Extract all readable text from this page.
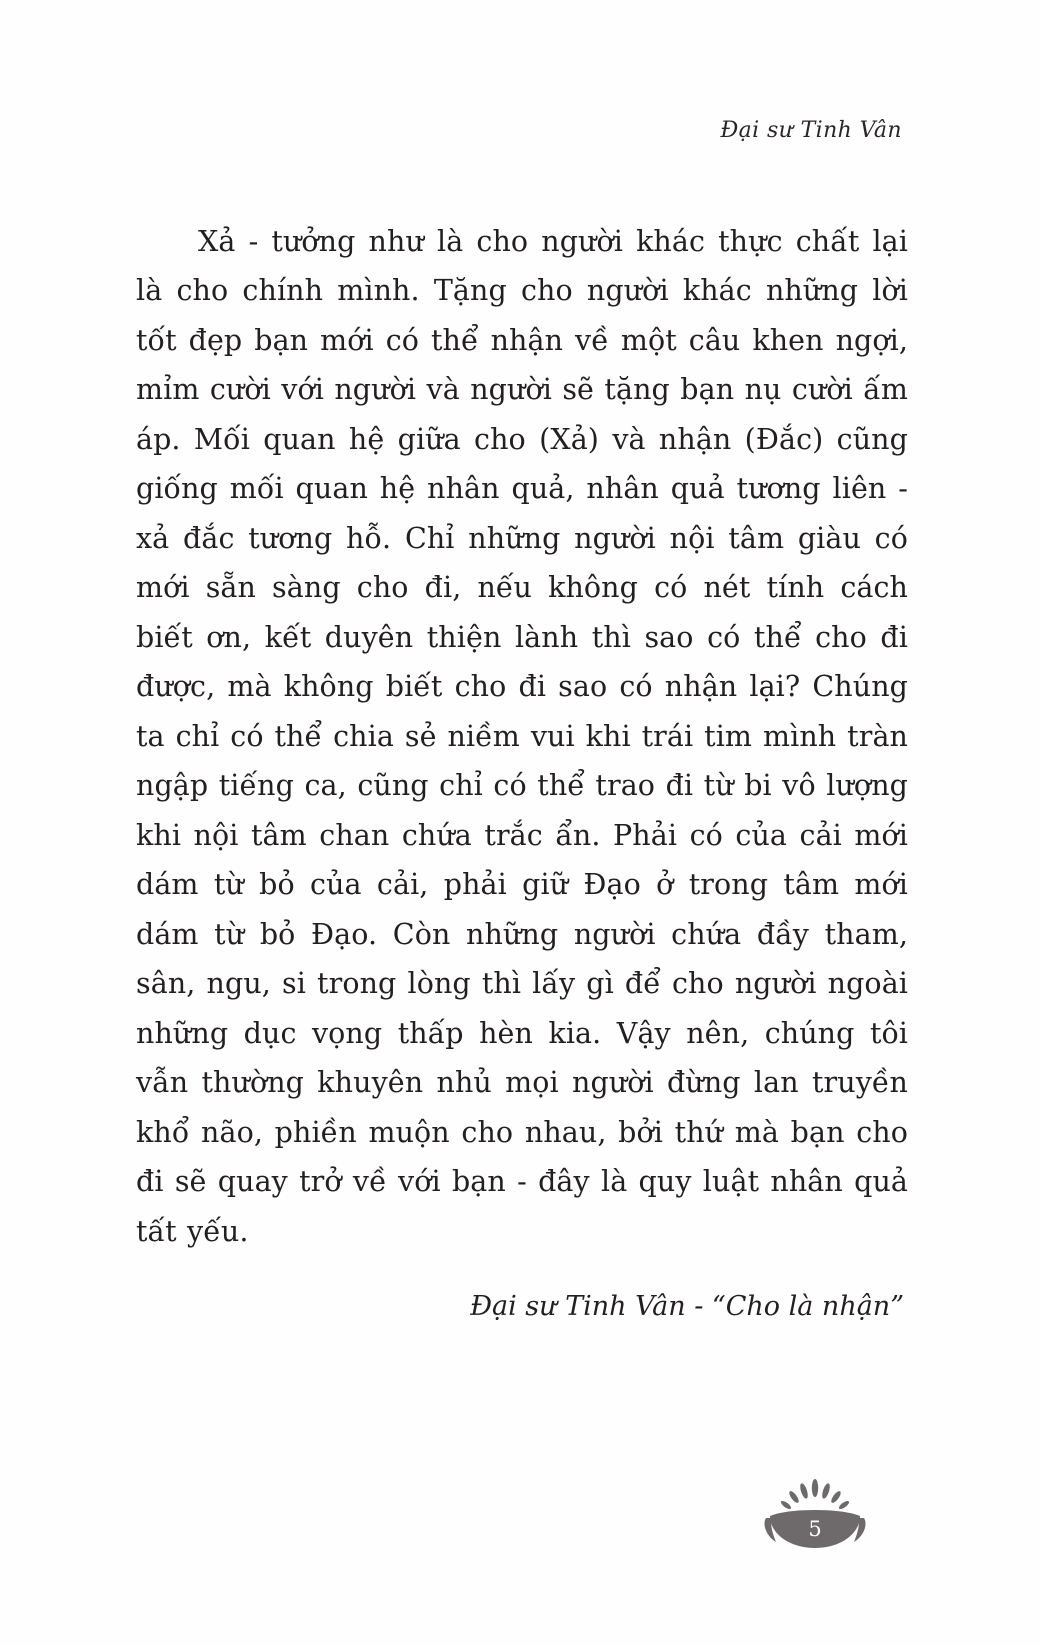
Đại sư Tinh Vân

Xả - tưởng như là cho người khác thực chất lại là cho chính mình. Tặng cho người khác những lời tốt đẹp bạn mới có thể nhận về một câu khen ngợi, mỉm cười với người và người sẽ tặng bạn nụ cười ấm áp. Mối quan hệ giữa cho (Xả) và nhận (Đắc) cũng giống mối quan hệ nhân quả, nhân quả tương liên - xả đắc tương hỗ. Chỉ những người nội tâm giàu có mới sẵn sàng cho đi, nếu không có nét tính cách biết ơn, kết duyên thiện lành thì sao có thể cho đi được, mà không biết cho đi sao có nhận lại? Chúng ta chỉ có thể chia sẻ niềm vui khi trái tim mình tràn ngập tiếng ca, cũng chỉ có thể trao đi từ bi vô lượng khi nội tâm chan chứa trắc ẩn. Phải có của cải mới dám từ bỏ của cải, phải giữ Đạo ở trong tâm mới dám từ bỏ Đạo. Còn những người chứa đầy tham, sân, ngu, si trong lòng thì lấy gì để cho người ngoài những dục vọng thấp hèn kia. Vậy nên, chúng tôi vẫn thường khuyên nhủ mọi người đừng lan truyền khổ não, phiền muộn cho nhau, bởi thứ mà bạn cho đi sẽ quay trở về với bạn - đây là quy luật nhân quả tất yếu.

Đại sư Tinh Vân - “Cho là nhận”

5
